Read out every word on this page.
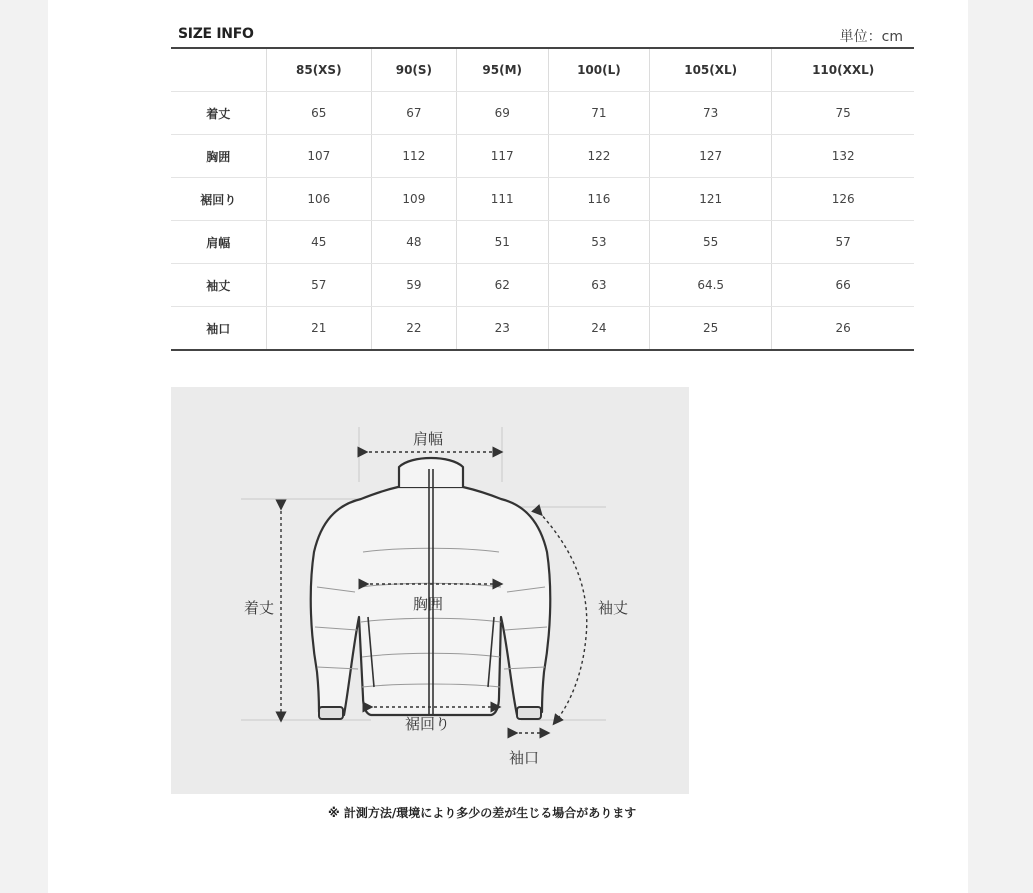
SIZE INFO	単位：cm
	85(XS)	90(S)	95(M)	100(L)	105(XL)	110(XXL)
着丈	65	67	69	71	73	75
胸囲	107	112	117	122	127	132
裾回り	106	109	111	116	121	126
肩幅	45	48	51	53	55	57
袖丈	57	59	62	63	64.5	66
袖口	21	22	23	24	25	26
肩幅
着丈	胸囲	袖丈
裾回り
袖口
※ 計測方法/環境により多少の差が生じる場合があります
